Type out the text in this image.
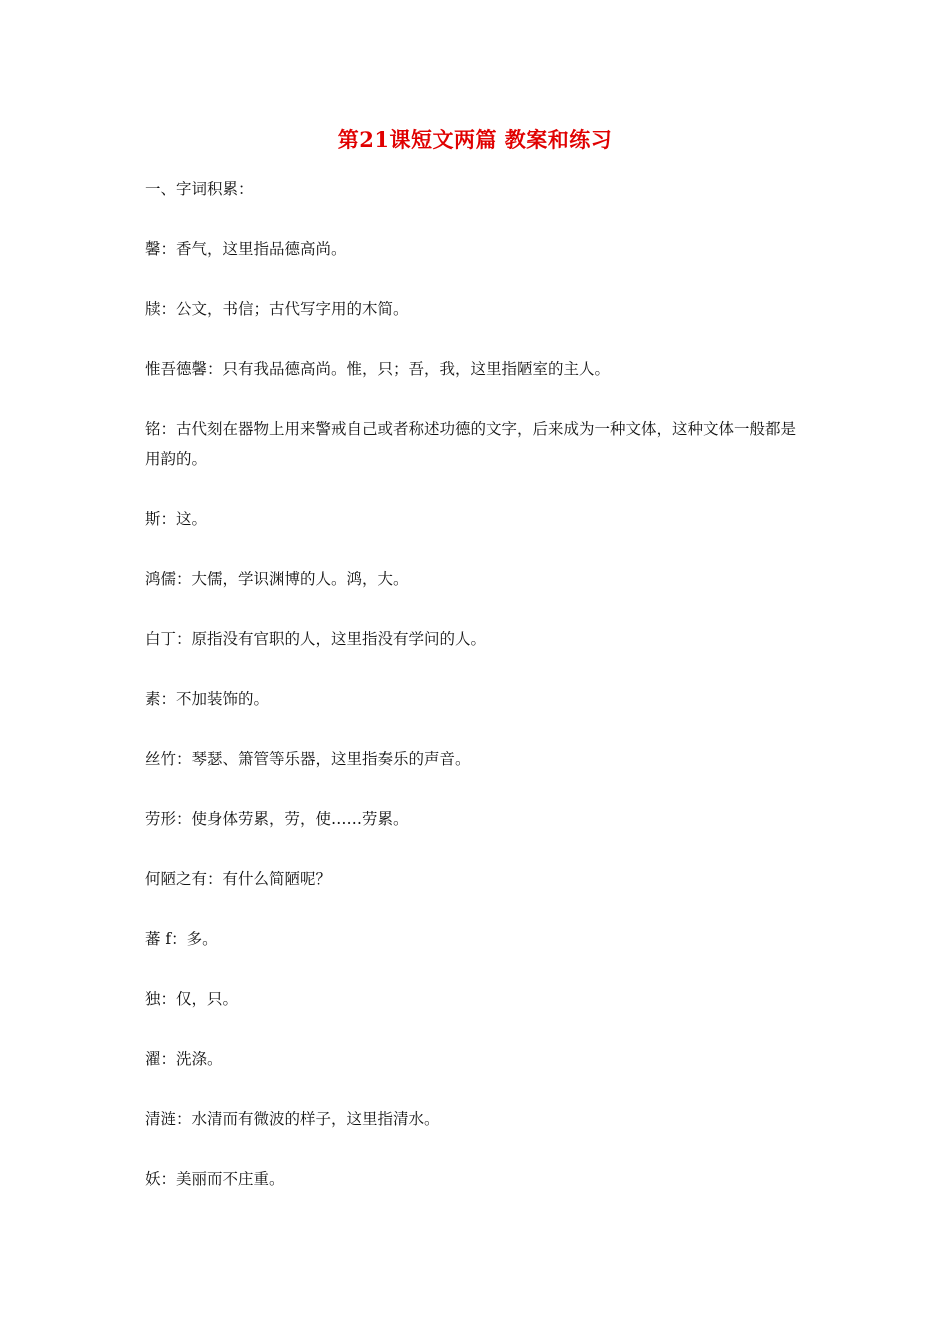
第21课短文两篇 教案和练习

一、字词积累：

馨：香气，这里指品德高尚。

牍：公文，书信；古代写字用的木简。

惟吾德馨：只有我品德高尚。惟，只；吾，我，这里指陋室的主人。

铭：古代刻在器物上用来警戒自己或者称述功德的文字，后来成为一种文体，这种文体一般都是用韵的。

斯：这。

鸿儒：大儒，学识渊博的人。鸿，大。

白丁：原指没有官职的人，这里指没有学问的人。

素：不加装饰的。

丝竹：琴瑟、箫管等乐器，这里指奏乐的声音。

劳形：使身体劳累，劳，使……劳累。

何陋之有：有什么简陋呢？

蕃 f：多。

独：仅，只。

濯：洗涤。

清涟：水清而有微波的样子，这里指清水。

妖：美丽而不庄重。
